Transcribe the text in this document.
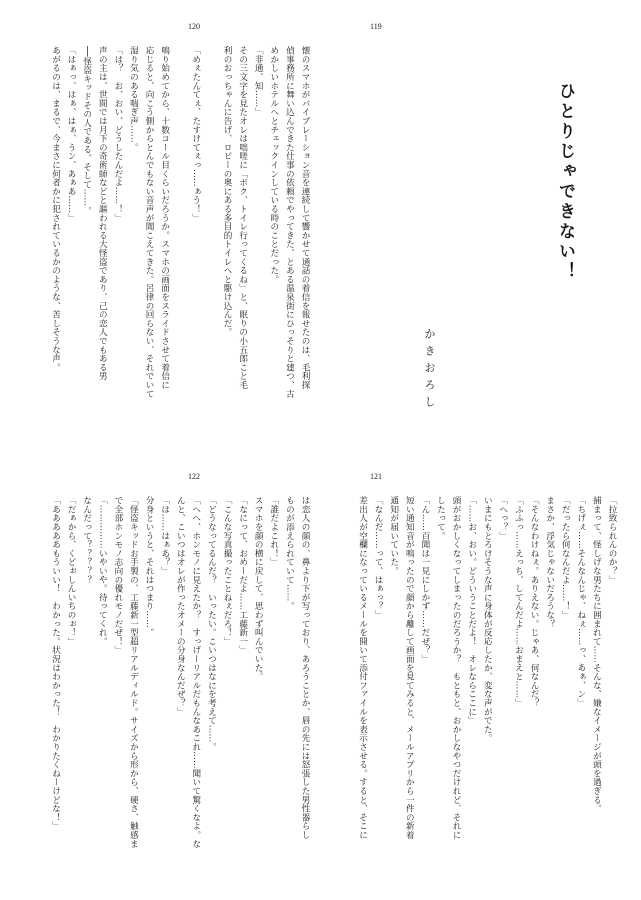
120

懐のスマホがバイブレーション音を連続して響かせて通話の着信を報せたのは、毛利探

偵事務所に舞い込んできた仕事の依頼でやってきた、とある温泉街にひっそりと建つ、古

めかしいホテルへとチェックインしている時のことだった。

「非通、知……」

その三文字を見たオレは咄嗟に「ボク、トイレ行ってくるね」と、眠りの小五郎こと毛

利のおっちゃんに告げ、ロビーの奥にある多目的トイレへと駆け込んだ。

「めぇたんてぇ、たすけてぇっ……ぁう！」

鳴り始めてから、十数コール目くらいだろうか。スマホの画面をスライドさせて着信に

応じると、向こう側からとんでもない音声が聞こえてきた。呂律の回らない、それでいて

湿り気のある喘ぎ声……。

「は？　お、おい、どうしたんだよ……！」

声の主は、世間では月下の奇術師などと謳われる大怪盗であり、己の恋人でもある男

──怪盗キッドその人である。そして……。

「はぁっ、はぁ、はぁ、うン、あぁあ……」

あがるのは、まるで、今まさに何者かに犯されているかのような、苦しそうな声。

119
ひとりじゃできない！
かきおろし
122

は恋人の顔の、鼻より下が写っており、あろうことか、唇の先には怒張した男性器らし

ものが添えられていて……。

「誰だよこれ！」

スマホを顔の横に戻して、思わず叫んでいた。

「なにって、おめーだよ……工藤新一」

「こんな写真撮ったことねぇだろ！」

「どうなってるんだ？　いったい。こいつはなにを考えて……。

「へへ、ホンモノに見えたか？　すっげーリアルだもんなあこれ……聞いて驚くなよ。な

んと、こいつはオレが作ったオメーの分身なんだぜ？」

「は……はぁあ？」

分身というと、それはつまり……。

「怪盗キッドお手製の、工藤新一型超リアルディルド。サイズから形から、硬さ、触感ま

で全部ホンモノ志向の優れモノだぜ！」

「……………いやいや。待ってくれ。

なんだって？？？？？

「だぁから、くどぉしんいちのぉ！」

「あああああもういい！　わかった。状況はわかった！　わかりたくねーけどな！」

121

「拉致られんのか？」

捕まって、怪しげな男たちに囲まれて……そんな、嫌なイメージが頭を過ぎる。

「ちげぇ……そんなんじゃ、ねぇ……っ、あぁ、ン」

「だったら何なんだよ……！」

まさか、浮気じゃないだろうな？

「そんなわけねぇ。ありえない。じゃあ、何なんだ？

「ふふっ……えっち、してんだよ……おまえと……」

「へっ？」

いまにもとろけそうな声に身体が反応したか、変な声がでた。

「……お、おい。どういうことだよ！　オレならここに」

頭がおかしくなってしまったのだろうか？　もともと、おかしなやつだけれど、それに

したって。

「ん……百聞は一見にしかず……だぜ？」

短い通知音が鳴ったので顔から離して画面を見てみると、メールアプリから一件の新着

通知が届いていた。

「なんだ……って、はぁっ？」

差出人が空欄になっているメールを開いて添付ファイルを表示させる。すると、そこに
